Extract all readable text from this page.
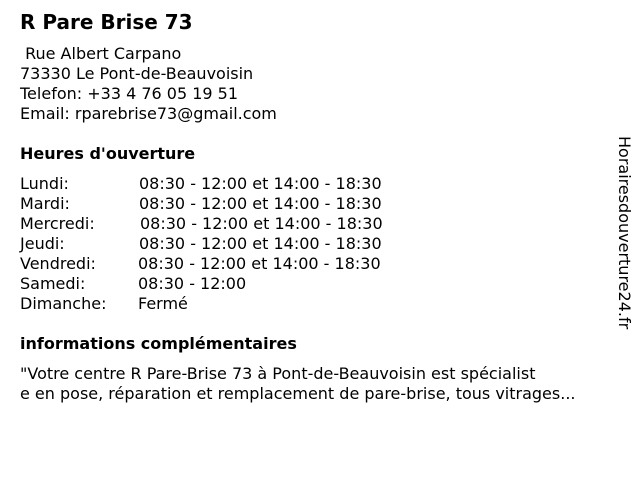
R Pare Brise 73
Rue Albert Carpano
73330 Le Pont-de-Beauvoisin
Telefon: +33 4 76 05 19 51
Email: rparebrise73@gmail.com
Heures d'ouverture
Lundi:	08:30 - 12:00 et 14:00 - 18:30
Mardi:	08:30 - 12:00 et 14:00 - 18:30
Mercredi:	08:30 - 12:00 et 14:00 - 18:30
Jeudi:	08:30 - 12:00 et 14:00 - 18:30
Vendredi:	08:30 - 12:00 et 14:00 - 18:30
Samedi:	08:30 - 12:00
Dimanche:	Fermé
informations complémentaires
"Votre centre R Pare-Brise 73 à Pont-de-Beauvoisin est spécialist
e en pose, réparation et remplacement de pare-brise, tous vitrages...
Horairesdouverture24.fr
